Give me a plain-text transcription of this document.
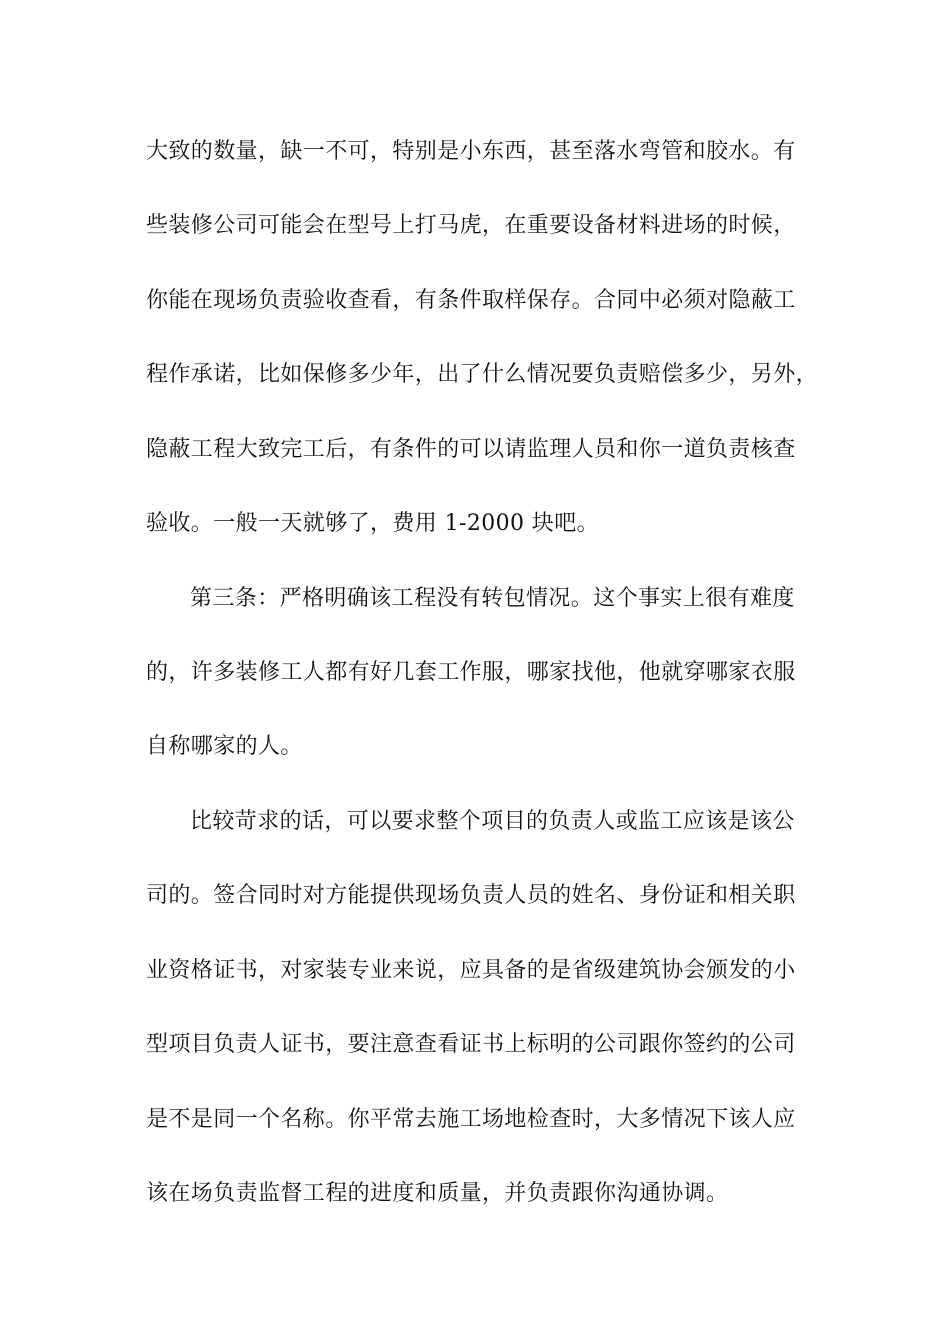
大致的数量，缺一不可，特别是小东西，甚至落水弯管和胶水。有
些装修公司可能会在型号上打马虎，在重要设备材料进场的时候，
你能在现场负责验收查看，有条件取样保存。合同中必须对隐蔽工
程作承诺，比如保修多少年，出了什么情况要负责赔偿多少，另外，
隐蔽工程大致完工后，有条件的可以请监理人员和你一道负责核查
验收。一般一天就够了，费用 1-2000 块吧。
第三条：严格明确该工程没有转包情况。这个事实上很有难度
的，许多装修工人都有好几套工作服，哪家找他，他就穿哪家衣服
自称哪家的人。
比较苛求的话，可以要求整个项目的负责人或监工应该是该公
司的。签合同时对方能提供现场负责人员的姓名、身份证和相关职
业资格证书，对家装专业来说，应具备的是省级建筑协会颁发的小
型项目负责人证书，要注意查看证书上标明的公司跟你签约的公司
是不是同一个名称。你平常去施工场地检查时，大多情况下该人应
该在场负责监督工程的进度和质量，并负责跟你沟通协调。
